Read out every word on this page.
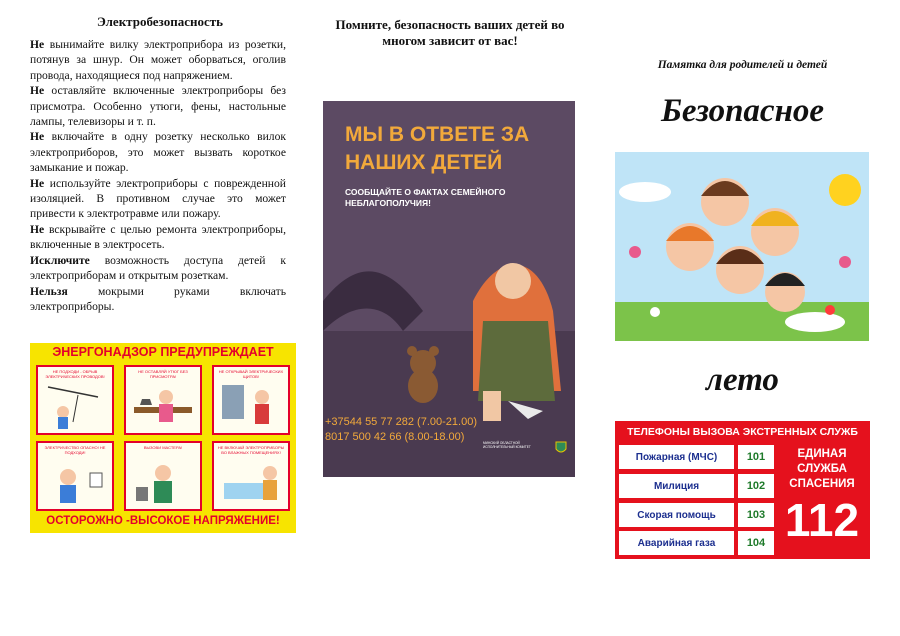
Электробезопасность

Не вынимайте вилку электроприбора из розетки, потянув за шнур. Он может оборваться, оголив провода, находящиеся под напряжением.

Не оставляйте включенные электроприборы без присмотра. Особенно утюги, фены, настольные лампы, телевизоры и т. п.

Не включайте в одну розетку несколько вилок электроприборов, это может вызвать короткое замыкание и пожар.

Не используйте электроприборы с поврежденной изоляцией. В противном случае это может привести к электротравме или пожару.

Не вскрывайте с целью ремонта электроприборы, включенные в электросеть.

Исключите возможность доступа детей к электроприборам и открытым розеткам.

Нельзя мокрыми руками включать электроприборы.

ЭНЕРГОНАДЗОР ПРЕДУПРЕЖДАЕТ
НЕ ПОДХОДИ - ОБРЫВ ЭЛЕКТРИЧЕСКИХ ПРОВОДОВ!
НЕ ОСТАВЛЯЙ УТЮГ БЕЗ ПРИСМОТРА!
НЕ ОТКРЫВАЙ ЭЛЕКТРИЧЕСКИХ ЩИТОВ!
ЭЛЕКТРИЧЕСТВО ОПАСНО! НЕ ПОДХОДИ!
ВЫЗОВИ МАСТЕРА!	НЕ ВКЛЮЧАЙ ЭЛЕКТРОПРИБОРЫ ВО ВЛАЖНЫХ ПОМЕЩЕНИЯХ!
ОСТОРОЖНО -ВЫСОКОЕ НАПРЯЖЕНИЕ!
Помните, безопасность ваших детей во многом зависит от вас!
МЫ В ОТВЕТЕ ЗА НАШИХ ДЕТЕЙ
СООБЩАЙТЕ О ФАКТАХ СЕМЕЙНОГО НЕБЛАГОПОЛУЧИЯ!
+37544 55 77 282 (7.00-21.00)
8017 500 42 66 (8.00-18.00)	МИНСКИЙ ОБЛАСТНОЙ ИСПОЛНИТЕЛЬНЫЙ КОМИТЕТ
Памятка для родителей и детей
Безопасное
лето
ТЕЛЕФОНЫ ВЫЗОВА ЭКСТРЕННЫХ СЛУЖБ
Пожарная (МЧС)	101
Милиция	102
Скорая помощь	103
Аварийная газа	104
ЕДИНАЯ СЛУЖБА СПАСЕНИЯ
112
